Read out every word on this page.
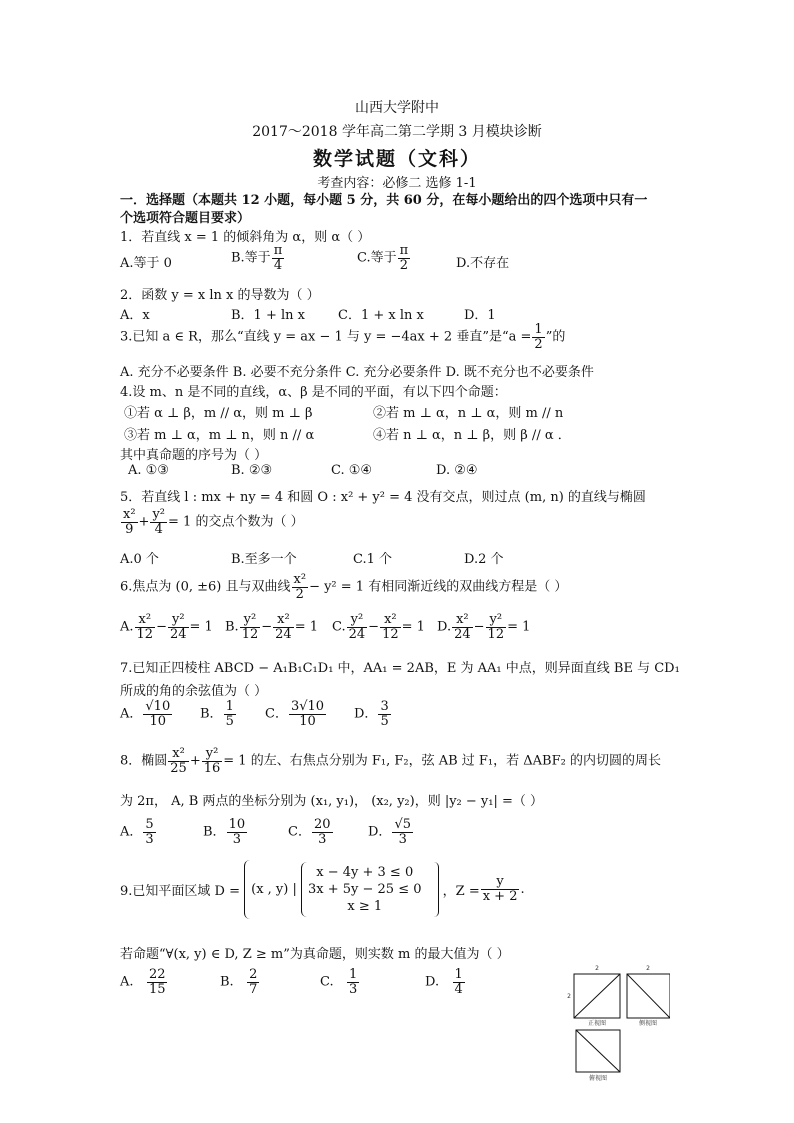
山西大学附中
2017～2018 学年高二第二学期 3 月模块诊断
数学试题（文科）
考查内容：必修二 选修 1-1
一．选择题（本题共 12 小题，每小题 5 分，共 60 分，在每小题给出的四个选项中只有一
个选项符合题目要求）
1．若直线 x = 1 的倾斜角为 α，则 α（ ）
A.等于 0	B.等于 $\frac{\pi}{4}$	C.等于 $\frac{\pi}{2}$	D.不存在
2．函数 y = x ln x 的导数为（ ）
A．x	B．1 + ln x	C．1 + x ln x	D．1
3.已知 a ∈ R，那么“直线 y = ax − 1 与 y = −4ax + 2 垂直”是“$a = \frac{1}{2}$ ”的
A. 充分不必要条件 B. 必要不充分条件 C. 充分必要条件 D. 既不充分也不必要条件
4.设 m、n 是不同的直线，α、β 是不同的平面，有以下四个命题：
①若 α ⊥ β，m // α，则 m ⊥ β	②若 m ⊥ α，n ⊥ α，则 m // n
③若 m ⊥ α，m ⊥ n，则 n // α	④若 n ⊥ α，n ⊥ β，则 β // α ．
其中真命题的序号为（ ）
A. ①③	B. ②③	C. ①④	D. ②④
5．若直线 l : mx + ny = 4 和圆 O : x² + y² = 4 没有交点，则过点 (m, n) 的直线与椭圆
$\frac{\text{x²}}{9} + \frac{\text{y²}}{4} = 1$ 的交点个数为（ ）
A.0 个	B.至多一个	C.1 个	D.2 个
6.焦点为 (0, ±6) 且与双曲线 $\frac{\text{x²}}{2} - y^2 = 1$ 有相同渐近线的双曲线方程是（ ）
A. $\frac{\text{x²}}{12} - \frac{\text{y²}}{24} = 1$ B. $\frac{\text{y²}}{12} - \frac{\text{x²}}{24} = 1$ C. $\frac{\text{y²}}{24} - \frac{\text{x²}}{12} = 1$ D. $\frac{\text{x²}}{24} - \frac{\text{y²}}{12} = 1$
7.已知正四棱柱 ABCD − A₁B₁C₁D₁ 中，AA₁ = 2AB，E 为 AA₁ 中点，则异面直线 BE 与 CD₁
所成的角的余弦值为（ ）
A． $\frac{√10}{10}$ B． $\frac{1}{5}$ C． $\frac{3√10}{10}$ D． $\frac{3}{5}$
8．椭圆 $\frac{\text{x²}}{25} + \frac{\text{y²}}{16} = 1$ 的左、右焦点分别为 F₁, F₂，弦 AB 过 F₁，若 ΔABF₂ 的内切圆的周长
为 2π， A, B 两点的坐标分别为 (x₁, y₁)， (x₂, y₂)，则 |y₂ − y₁| =（ ）
A． $\frac{5}{3}$	B． $\frac{10}{3}$	C． $\frac{20}{3}$	D． $\frac{√5}{3}$
9.已知平面区域 D = (x , y) |
x − 4y + 3 ≤ 0
3x + 5y − 25 ≤ 0
x ≥ 1
，$Z = \frac{y}{x + 2}$ .
若命题“∀(x, y) ∈ D, Z ≥ m”为真命题，则实数 m 的最大值为（ ）
A. $\frac{22}{15}$	B. $\frac{2}{7}$	C. $\frac{1}{3}$	D. $\frac{1}{4}$	2
2
正视图
2
侧视图
俯视图
